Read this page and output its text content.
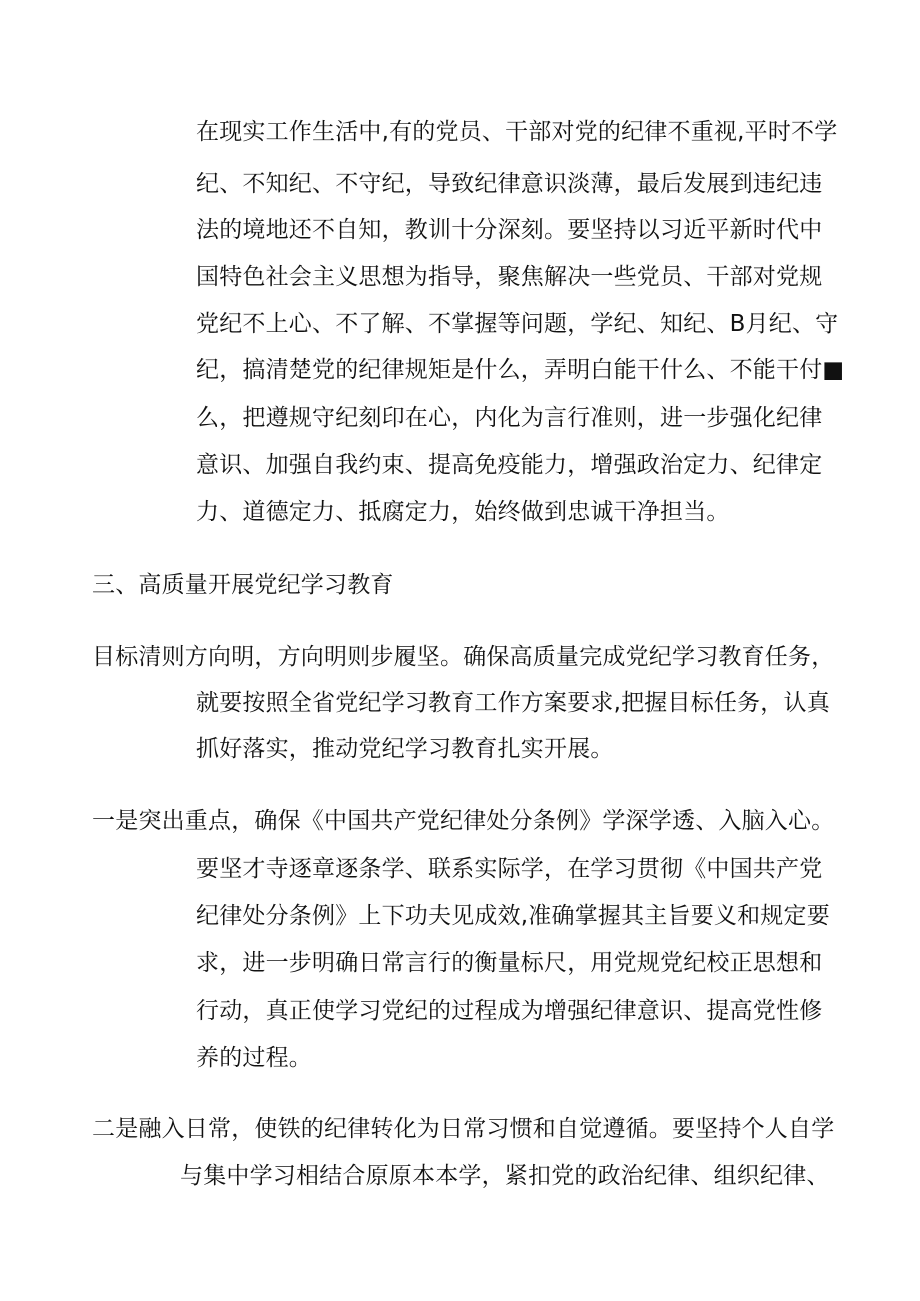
在现实工作生活中,有的党员、干部对党的纪律不重视,平时不学
纪、不知纪、不守纪，导致纪律意识淡薄，最后发展到违纪违
法的境地还不自知，教训十分深刻。要坚持以习近平新时代中
国特色社会主义思想为指导，聚焦解决一些党员、干部对党规
党纪不上心、不了解、不掌握等问题，学纪、知纪、B月纪、守
纪，搞清楚党的纪律规矩是什么，弄明白能干什么、不能干付■
么，把遵规守纪刻印在心，内化为言行准则，进一步强化纪律
意识、加强自我约束、提高免疫能力，增强政治定力、纪律定
力、道德定力、抵腐定力，始终做到忠诚干净担当。
三、高质量开展党纪学习教育
目标清则方向明，方向明则步履坚。确保高质量完成党纪学习教育任务，
就要按照全省党纪学习教育工作方案要求,把握目标任务，认真
抓好落实，推动党纪学习教育扎实开展。
一是突出重点，确保《中国共产党纪律处分条例》学深学透、入脑入心。
要坚才寺逐章逐条学、联系实际学，在学习贯彻《中国共产党
纪律处分条例》上下功夫见成效,准确掌握其主旨要义和规定要
求，进一步明确日常言行的衡量标尺，用党规党纪校正思想和
行动，真正使学习党纪的过程成为增强纪律意识、提高党性修
养的过程。
二是融入日常，使铁的纪律转化为日常习惯和自觉遵循。要坚持个人自学
与集中学习相结合原原本本学，紧扣党的政治纪律、组织纪律、
